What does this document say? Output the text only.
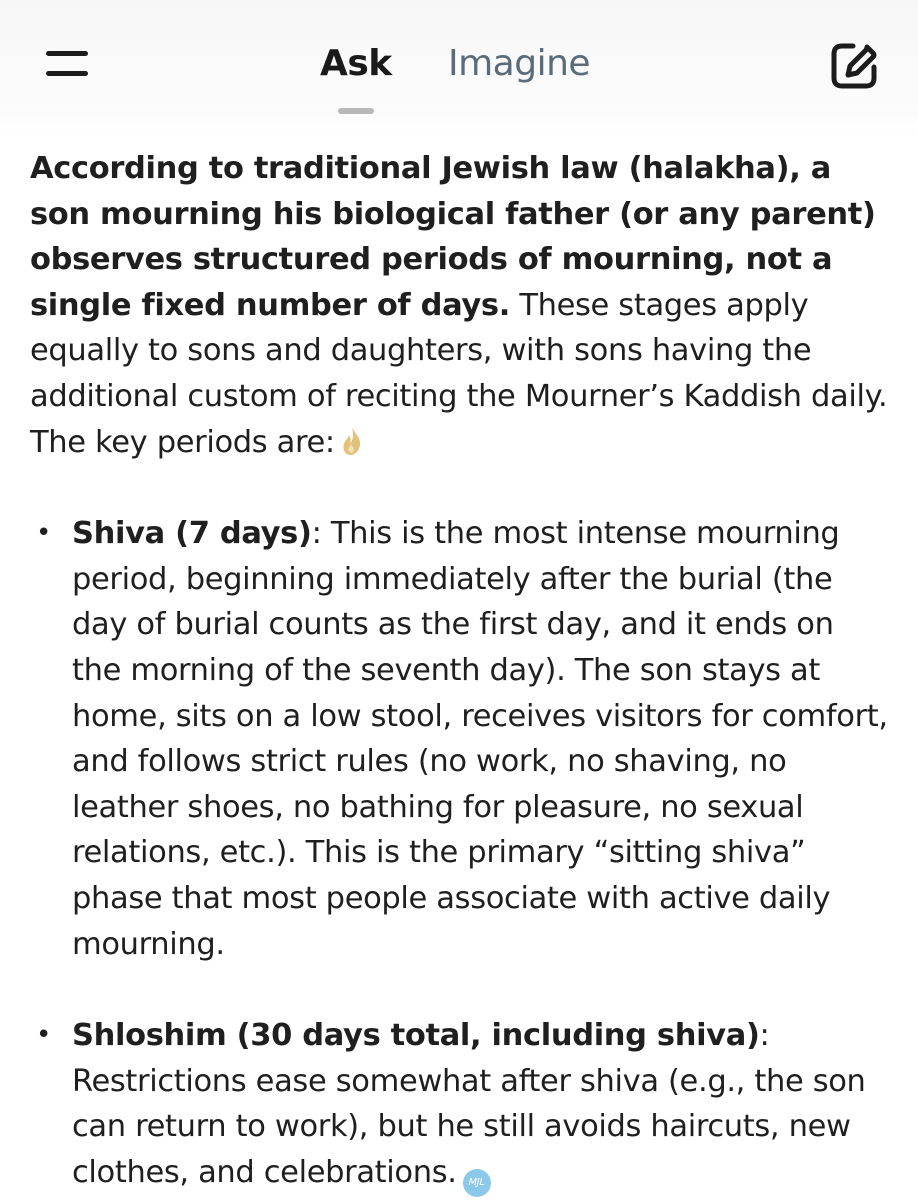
Ask Imagine

According to traditional Jewish law (halakha), a son mourning his biological father (or any parent) observes structured periods of mourning, not a single fixed number of days. These stages apply equally to sons and daughters, with sons having the additional custom of reciting the Mourner’s Kaddish daily. The key periods are:

• Shiva (7 days): This is the most intense mourning period, beginning immediately after the burial (the day of burial counts as the first day, and it ends on the morning of the seventh day). The son stays at home, sits on a low stool, receives visitors for comfort, and follows strict rules (no work, no shaving, no leather shoes, no bathing for pleasure, no sexual relations, etc.). This is the primary “sitting shiva” phase that most people associate with active daily mourning.
• Shloshim (30 days total, including shiva): Restrictions ease somewhat after shiva (e.g., the son can return to work), but he still avoids haircuts, new clothes, and celebrations. MJL
